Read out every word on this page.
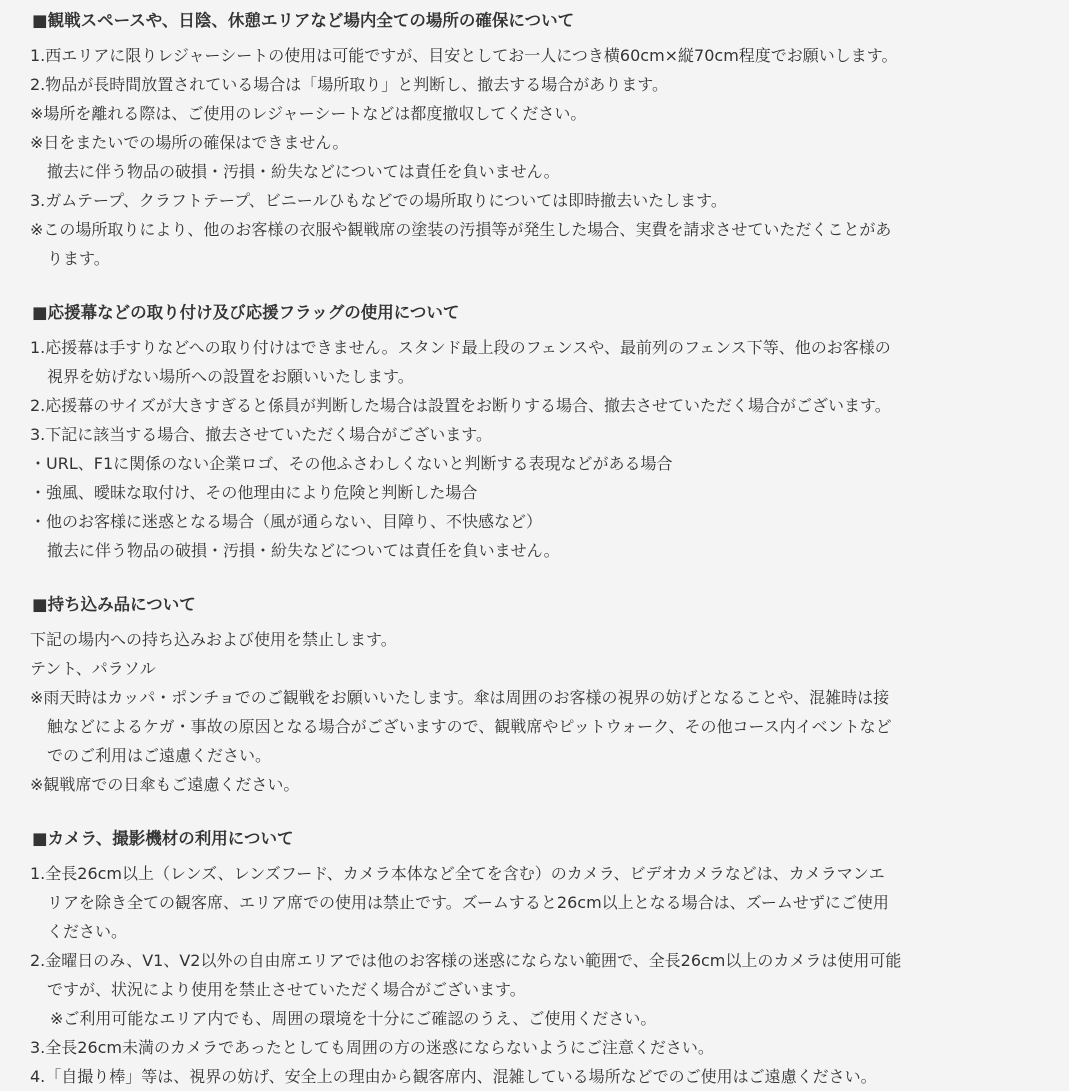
■観戦スペースや、日陰、休憩エリアなど場内全ての場所の確保について
1.西エリアに限りレジャーシートの使用は可能ですが、目安としてお一人につき横60cm×縦70cm程度でお願いします。
2.物品が長時間放置されている場合は「場所取り」と判断し、撤去する場合があります。
※場所を離れる際は、ご使用のレジャーシートなどは都度撤収してください。
※日をまたいでの場所の確保はできません。
撤去に伴う物品の破損・汚損・紛失などについては責任を負いません。
3.ガムテープ、クラフトテープ、ビニールひもなどでの場所取りについては即時撤去いたします。
※この場所取りにより、他のお客様の衣服や観戦席の塗装の汚損等が発生した場合、実費を請求させていただくことがあ
ります。
■応援幕などの取り付け及び応援フラッグの使用について
1.応援幕は手すりなどへの取り付けはできません。スタンド最上段のフェンスや、最前列のフェンス下等、他のお客様の
視界を妨げない場所への設置をお願いいたします。
2.応援幕のサイズが大きすぎると係員が判断した場合は設置をお断りする場合、撤去させていただく場合がございます。
3.下記に該当する場合、撤去させていただく場合がございます。
・URL、F1に関係のない企業ロゴ、その他ふさわしくないと判断する表現などがある場合
・強風、曖昧な取付け、その他理由により危険と判断した場合
・他のお客様に迷惑となる場合（風が通らない、目障り、不快感など）
撤去に伴う物品の破損・汚損・紛失などについては責任を負いません。
■持ち込み品について
下記の場内への持ち込みおよび使用を禁止します。
テント、パラソル
※雨天時はカッパ・ポンチョでのご観戦をお願いいたします。傘は周囲のお客様の視界の妨げとなることや、混雑時は接
触などによるケガ・事故の原因となる場合がございますので、観戦席やピットウォーク、その他コース内イベントなど
でのご利用はご遠慮ください。
※観戦席での日傘もご遠慮ください。
■カメラ、撮影機材の利用について
1.全長26cm以上（レンズ、レンズフード、カメラ本体など全てを含む）のカメラ、ビデオカメラなどは、カメラマンエ
リアを除き全ての観客席、エリア席での使用は禁止です。ズームすると26cm以上となる場合は、ズームせずにご使用
ください。
2.金曜日のみ、V1、V2以外の自由席エリアでは他のお客様の迷惑にならない範囲で、全長26cm以上のカメラは使用可能
ですが、状況により使用を禁止させていただく場合がございます。
※ご利用可能なエリア内でも、周囲の環境を十分にご確認のうえ、ご使用ください。
3.全長26cm未満のカメラであったとしても周囲の方の迷惑にならないようにご注意ください。
4.「自撮り棒」等は、視界の妨げ、安全上の理由から観客席内、混雑している場所などでのご使用はご遠慮ください。
